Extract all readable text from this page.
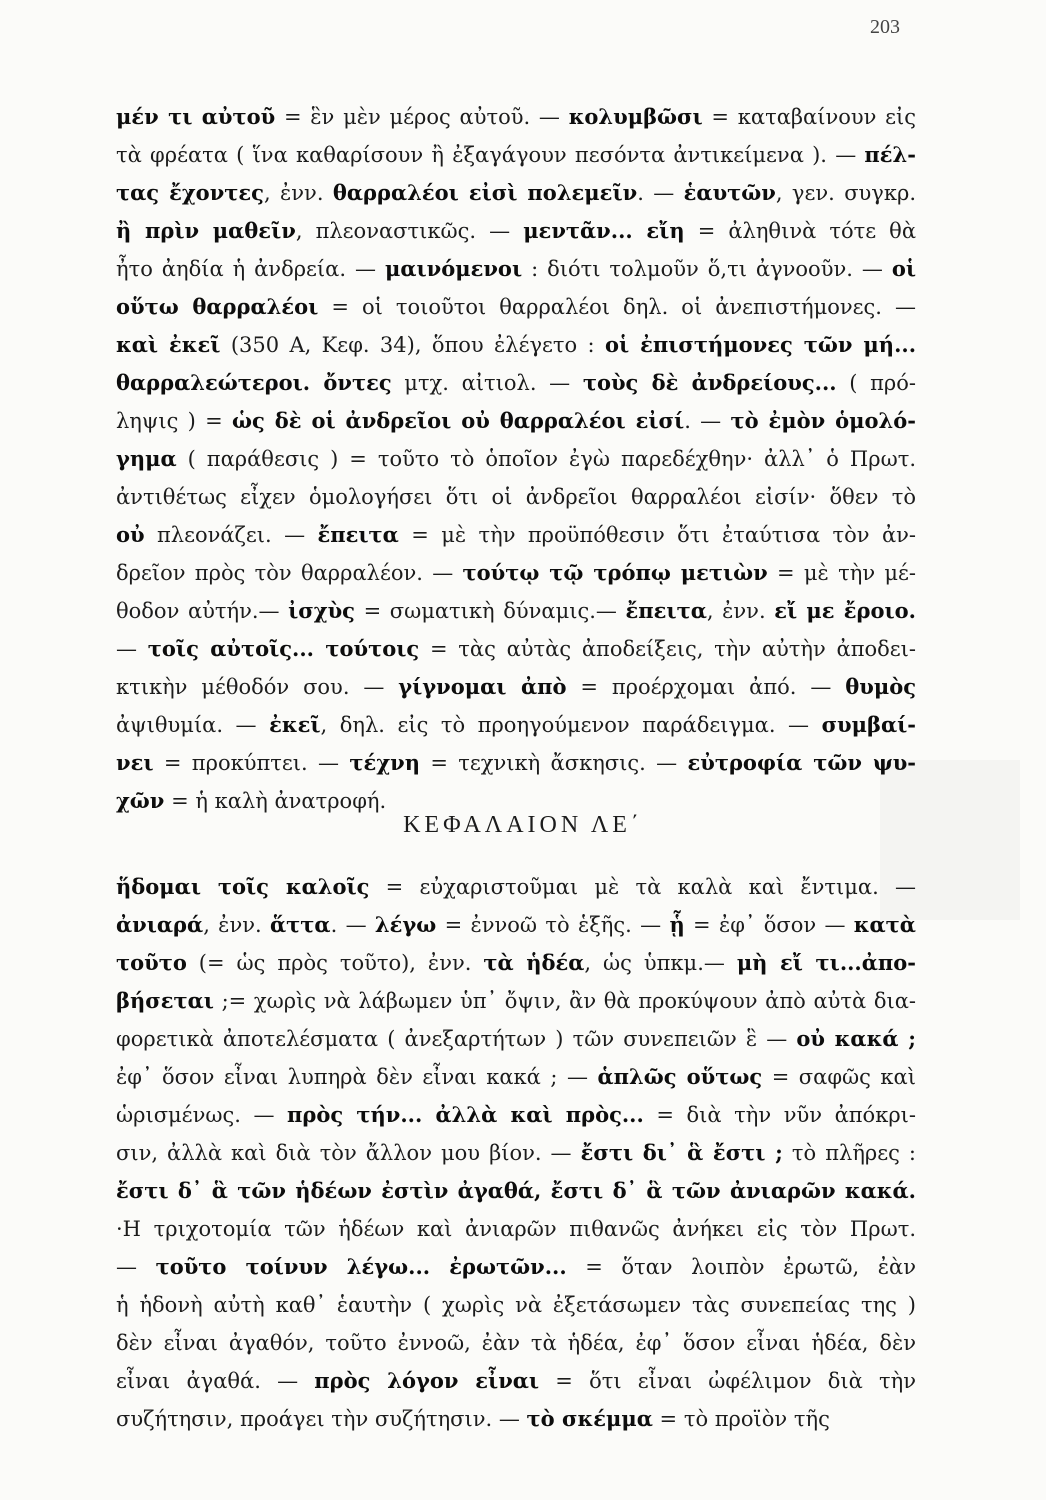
203
μέν τι αὐτοῦ = ἓν μὲν μέρος αὐτοῦ. — κολυμβῶσι = καταβαίνουν εἰς
τὰ φρέατα ( ἵνα καθαρίσουν ἢ ἐξαγάγουν πεσόντα ἀντικείμενα ). — πέλ-
τας ἔχοντες, ἐνν. θαρραλέοι εἰσὶ πολεμεῖν. — ἑαυτῶν, γεν. συγκρ.
ἢ πρὶν μαθεῖν, πλεοναστικῶς. — μεντᾶν... εἴη = ἀληθινὰ τότε θὰ
ἦτο ἀηδία ἡ ἀνδρεία. — μαινόμενοι : διότι τολμοῦν ὅ,τι ἀγνοοῦν. — οἱ
οὕτω θαρραλέοι = οἱ τοιοῦτοι θαρραλέοι δηλ. οἱ ἀνεπιστήμονες. —
καὶ ἐκεῖ (350 A, Κεφ. 34), ὅπου ἐλέγετο : οἱ ἐπιστήμονες τῶν μή...
θαρραλεώτεροι. ὄντες μτχ. αἰτιολ. — τοὺς δὲ ἀνδρείους... ( πρό-
ληψις ) = ὡς δὲ οἱ ἀνδρεῖοι οὐ θαρραλέοι εἰσί. — τὸ ἐμὸν ὁμολό-
γημα ( παράθεσις ) = τοῦτο τὸ ὁποῖον ἐγὼ παρεδέχθην· ἀλλ᾿ ὁ Πρωτ.
ἀντιθέτως εἶχεν ὁμολογήσει ὅτι οἱ ἀνδρεῖοι θαρραλέοι εἰσίν· ὅθεν τὸ
οὐ πλεονάζει. — ἔπειτα = μὲ τὴν προϋπόθεσιν ὅτι ἐταύτισα τὸν ἀν-
δρεῖον πρὸς τὸν θαρραλέον. — τούτῳ τῷ τρόπῳ μετιὼν = μὲ τὴν μέ-
θοδον αὐτήν.— ἰσχὺς = σωματικὴ δύναμις.— ἔπειτα, ἐνν. εἴ με ἔροιο.
— τοῖς αὐτοῖς... τούτοις = τὰς αὐτὰς ἀποδείξεις, τὴν αὐτὴν ἀποδει-
κτικὴν μέθοδόν σου. — γίγνομαι ἀπὸ = προέρχομαι ἀπό. — θυμὸς
ἀψιθυμία. — ἐκεῖ, δηλ. εἰς τὸ προηγούμενον παράδειγμα. — συμβαί-
νει = προκύπτει. — τέχνη = τεχνικὴ ἄσκησις. — εὐτροφία τῶν ψυ-
χῶν = ἡ καλὴ ἀνατροφή.
ΚΕΦΑΛΑΙΟΝ ΛΕ΄
ἥδομαι τοῖς καλοῖς = εὐχαριστοῦμαι μὲ τὰ καλὰ καὶ ἔντιμα. —
ἀνιαρά, ἐνν. ἅττα. — λέγω = ἐννοῶ τὸ ἑξῆς. — ᾗ = ἐφ᾿ ὅσον — κατὰ
τοῦτο (= ὡς πρὸς τοῦτο), ἐνν. τὰ ἡδέα, ὡς ὑπκμ.— μὴ εἴ τι...ἀπο-
βήσεται ;= χωρὶς νὰ λάβωμεν ὑπ᾿ ὄψιν, ἂν θὰ προκύψουν ἀπὸ αὐτὰ δια-
φορετικὰ ἀποτελέσματα ( ἀνεξαρτήτων ) τῶν συνεπειῶν ἓ — οὐ κακά ;
ἐφ᾿ ὅσον εἶναι λυπηρὰ δὲν εἶναι κακά ; — ἁπλῶς οὕτως = σαφῶς καὶ
ὡρισμένως. — πρὸς τήν... ἀλλὰ καὶ πρὸς... = διὰ τὴν νῦν ἀπόκρι-
σιν, ἀλλὰ καὶ διὰ τὸν ἄλλον μου βίον. — ἔστι δι᾿ ἃ ἔστι ; τὸ πλῆρες :
ἔστι δ᾿ ἃ τῶν ἡδέων ἐστὶν ἀγαθά, ἔστι δ᾿ ἃ τῶν ἀνιαρῶν κακά.
·Η τριχοτομία τῶν ἡδέων καὶ ἀνιαρῶν πιθανῶς ἀνήκει εἰς τὸν Πρωτ.
— τοῦτο τοίνυν λέγω... ἐρωτῶν... = ὅταν λοιπὸν ἐρωτῶ, ἐὰν
ἡ ἡδονὴ αὐτὴ καθ᾿ ἑαυτὴν ( χωρὶς νὰ ἐξετάσωμεν τὰς συνεπείας της )
δὲν εἶναι ἀγαθόν, τοῦτο ἐννοῶ, ἐὰν τὰ ἡδέα, ἐφ᾿ ὅσον εἶναι ἡδέα, δὲν
εἶναι ἀγαθά. — πρὸς λόγον εἶναι = ὅτι εἶναι ὠφέλιμον διὰ τὴν
συζήτησιν, προάγει τὴν συζήτησιν. — τὸ σκέμμα = τὸ προϊὸν τῆς
